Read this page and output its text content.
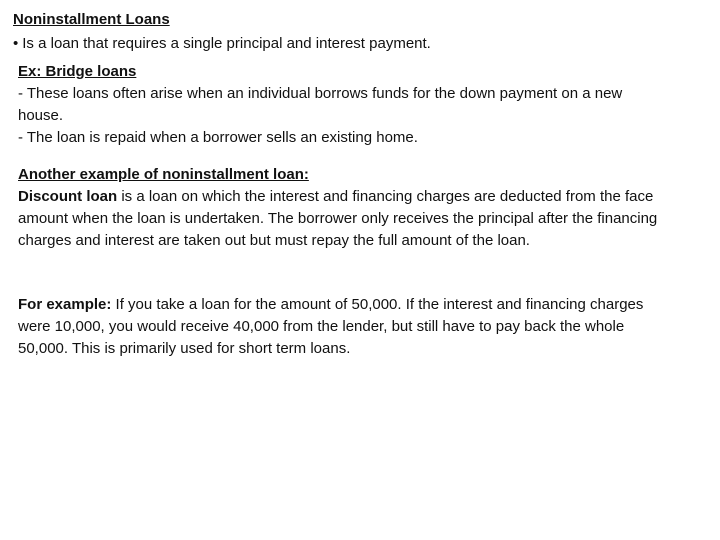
Noninstallment Loans

• Is a loan that requires a single principal and interest payment.

Ex: Bridge loans
- These loans often arise when an individual borrows funds for the down payment on a new house.
- The loan is repaid when a borrower sells an existing home.
Another example of noninstallment loan:
Discount loan is a loan on which the interest and financing charges are deducted from the face amount when the loan is undertaken. The borrower only receives the principal after the financing charges and interest are taken out but must repay the full amount of the loan.
For example: If you take a loan for the amount of 50,000. If the interest and financing charges were 10,000, you would receive 40,000 from the lender, but still have to pay back the whole 50,000. This is primarily used for short term loans.
